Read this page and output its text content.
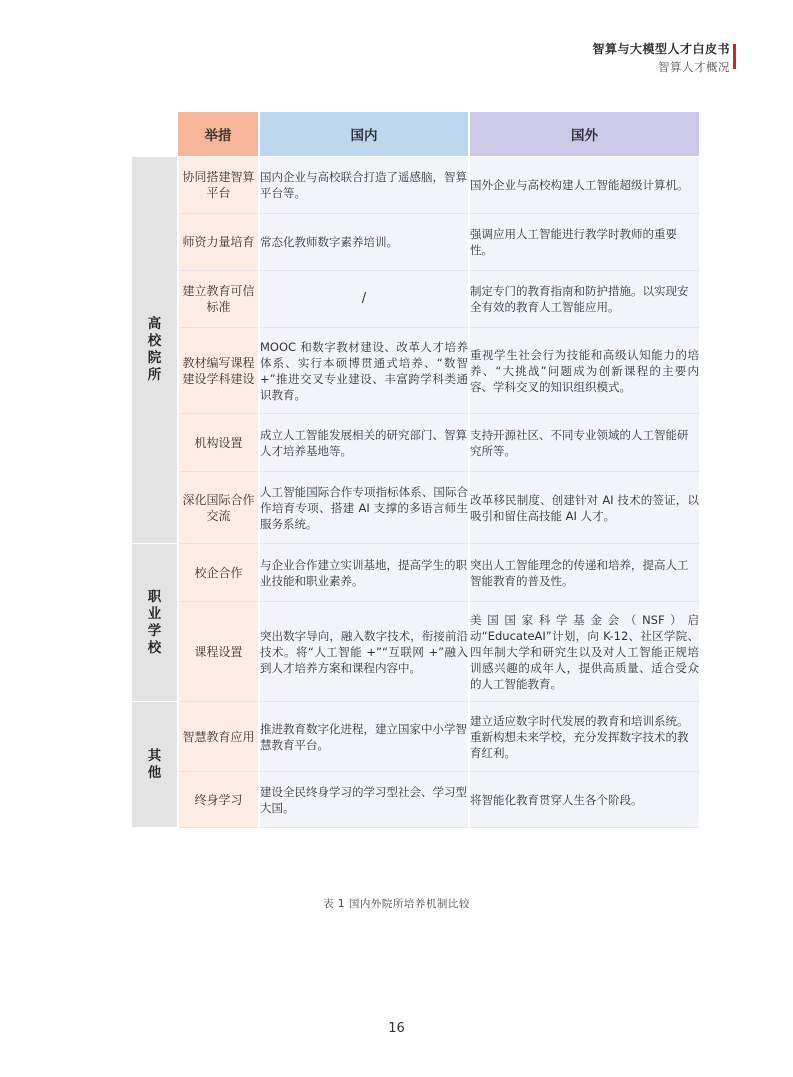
智算与大模型人才白皮书
智算人才概况
	举措	国内	国外
高校院所	协同搭建智算平台	国内企业与高校联合打造了遥感脑，智算平台等。	国外企业与高校构建人工智能超级计算机。
	师资力量培育	常态化教师数字素养培训。	强调应用人工智能进行教学时教师的重要性。
	建立教育可信标准	/	制定专门的教育指南和防护措施。以实现安全有效的教育人工智能应用。
	教材编写课程建设学科建设	MOOC 和数字教材建设、改革人才培养体系、实行本硕博贯通式培养、“数智 +”推进交叉专业建设、丰富跨学科类通识教育。	重视学生社会行为技能和高级认知能力的培养、“大挑战”问题成为创新课程的主要内容、学科交叉的知识组织模式。
	机构设置	成立人工智能发展相关的研究部门、智算人才培养基地等。	支持开源社区、不同专业领域的人工智能研究所等。
	深化国际合作交流	人工智能国际合作专项指标体系、国际合作培育专项、搭建 AI 支撑的多语言师生服务系统。	改革移民制度、创建针对 AI 技术的签证，以吸引和留住高技能 AI 人才。
职业学校	校企合作	与企业合作建立实训基地，提高学生的职业技能和职业素养。	突出人工智能理念的传递和培养，提高人工智能教育的普及性。
	课程设置	突出数字导向，融入数字技术，衔接前沿技术。将“人工智能 +”“互联网 +”融入到人才培养方案和课程内容中。	美国国家科学基金会（NSF）启动“EducateAI”计划，向 K-12、社区学院、四年制大学和研究生以及对人工智能正规培训感兴趣的成年人，提供高质量、适合受众的人工智能教育。
其他	智慧教育应用	推进教育数字化进程，建立国家中小学智慧教育平台。	建立适应数字时代发展的教育和培训系统。重新构想未来学校，充分发挥数字技术的教育红利。
	终身学习	建设全民终身学习的学习型社会、学习型大国。	将智能化教育贯穿人生各个阶段。
表 1 国内外院所培养机制比较
16
